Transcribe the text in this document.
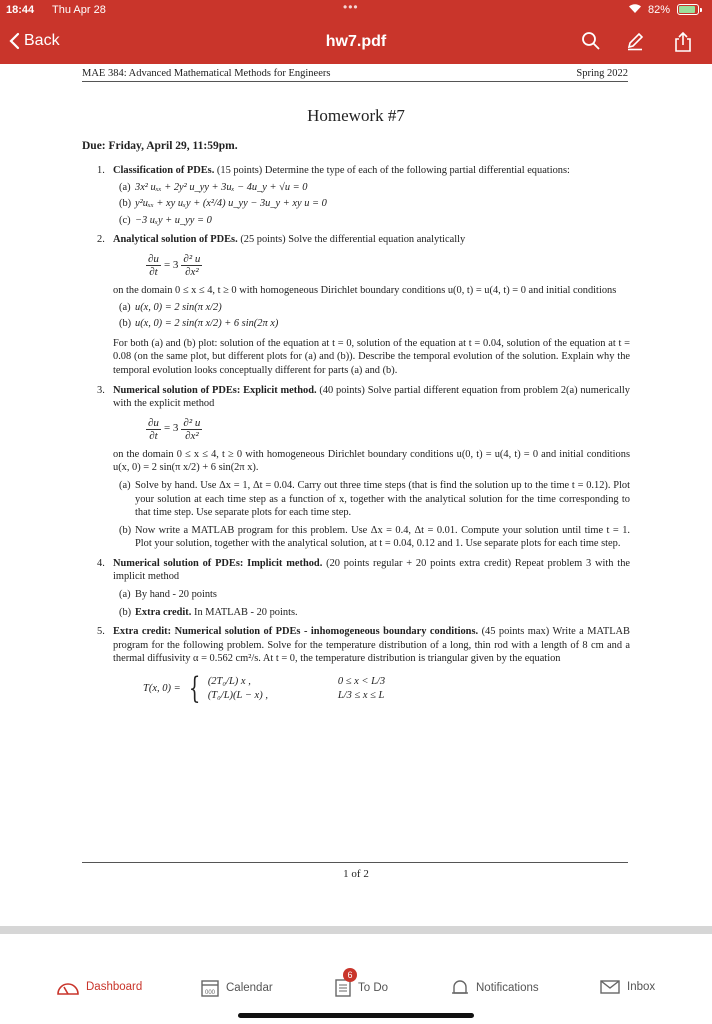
18:44 Thu Apr 28	•••	82%
Back	hw7.pdf
MAE 384: Advanced Mathematical Methods for Engineers	Spring 2022
Homework #7
Due: Friday, April 29, 11:59pm.
1. Classification of PDEs. (15 points) Determine the type of each of the following partial differential equations:
(a) 3x² uₓₓ + 2y² u_yy + 3uₓ − 4u_y + √u = 0
(b) y²uₓₓ + xy uₓy + (x²/4) u_yy − 3u_y + xy u = 0
(c) −3 uₓy + u_yy = 0
2. Analytical solution of PDEs. (25 points) Solve the differential equation analytically
$\frac{\partial u}{\partial t} = 3 \frac{\text{∂² u}}{\text{∂x²}}$
on the domain 0 ≤ x ≤ 4, t ≥ 0 with homogeneous Dirichlet boundary conditions u(0, t) = u(4, t) = 0 and initial conditions
(a) u(x, 0) = 2 sin(π x/2)
(b) u(x, 0) = 2 sin(π x/2) + 6 sin(2π x)
For both (a) and (b) plot: solution of the equation at t = 0, solution of the equation at t = 0.04, solution of the equation at t = 0.08 (on the same plot, but different plots for (a) and (b)). Describe the temporal evolution of the solution. Explain why the temporal evolution looks conceptually different for parts (a) and (b).
3. Numerical solution of PDEs: Explicit method. (40 points) Solve partial different equation from problem 2(a) numerically with the explicit method
$\frac{\partial u}{\partial t} = 3 \frac{\text{∂² u}}{\text{∂x²}}$
on the domain 0 ≤ x ≤ 4, t ≥ 0 with homogeneous Dirichlet boundary conditions u(0, t) = u(4, t) = 0 and initial conditions u(x, 0) = 2 sin(π x/2) + 6 sin(2π x).
(a) Solve by hand. Use Δx = 1, Δt = 0.04. Carry out three time steps (that is find the solution up to the time t = 0.12). Plot your solution at each time step as a function of x, together with the analytical solution for the time corresponding to that time step. Use separate plots for each time step.
(b) Now write a MATLAB program for this problem. Use Δx = 0.4, Δt = 0.01. Compute your solution until time t = 1. Plot your solution, together with the analytical solution, at t = 0.04, 0.12 and 1. Use separate plots for each time step.
4. Numerical solution of PDEs: Implicit method. (20 points regular + 20 points extra credit) Repeat problem 3 with the implicit method
(a) By hand - 20 points
(b) Extra credit. In MATLAB - 20 points.
5. Extra credit: Numerical solution of PDEs - inhomogeneous boundary conditions. (45 points max) Write a MATLAB program for the following problem. Solve for the temperature distribution of a long, thin rod with a length of 8 cm and a thermal diffusivity α = 0.562 cm²/s. At t = 0, the temperature distribution is triangular given by the equation
T(x, 0) = { (2T₀/L) x ,	0 ≤ x < L/3
(T₀/L)(L − x) ,	L/3 ≤ x ≤ L
1 of 2
Dashboard	000 Calendar	To Do
6
Notifications	Inbox
